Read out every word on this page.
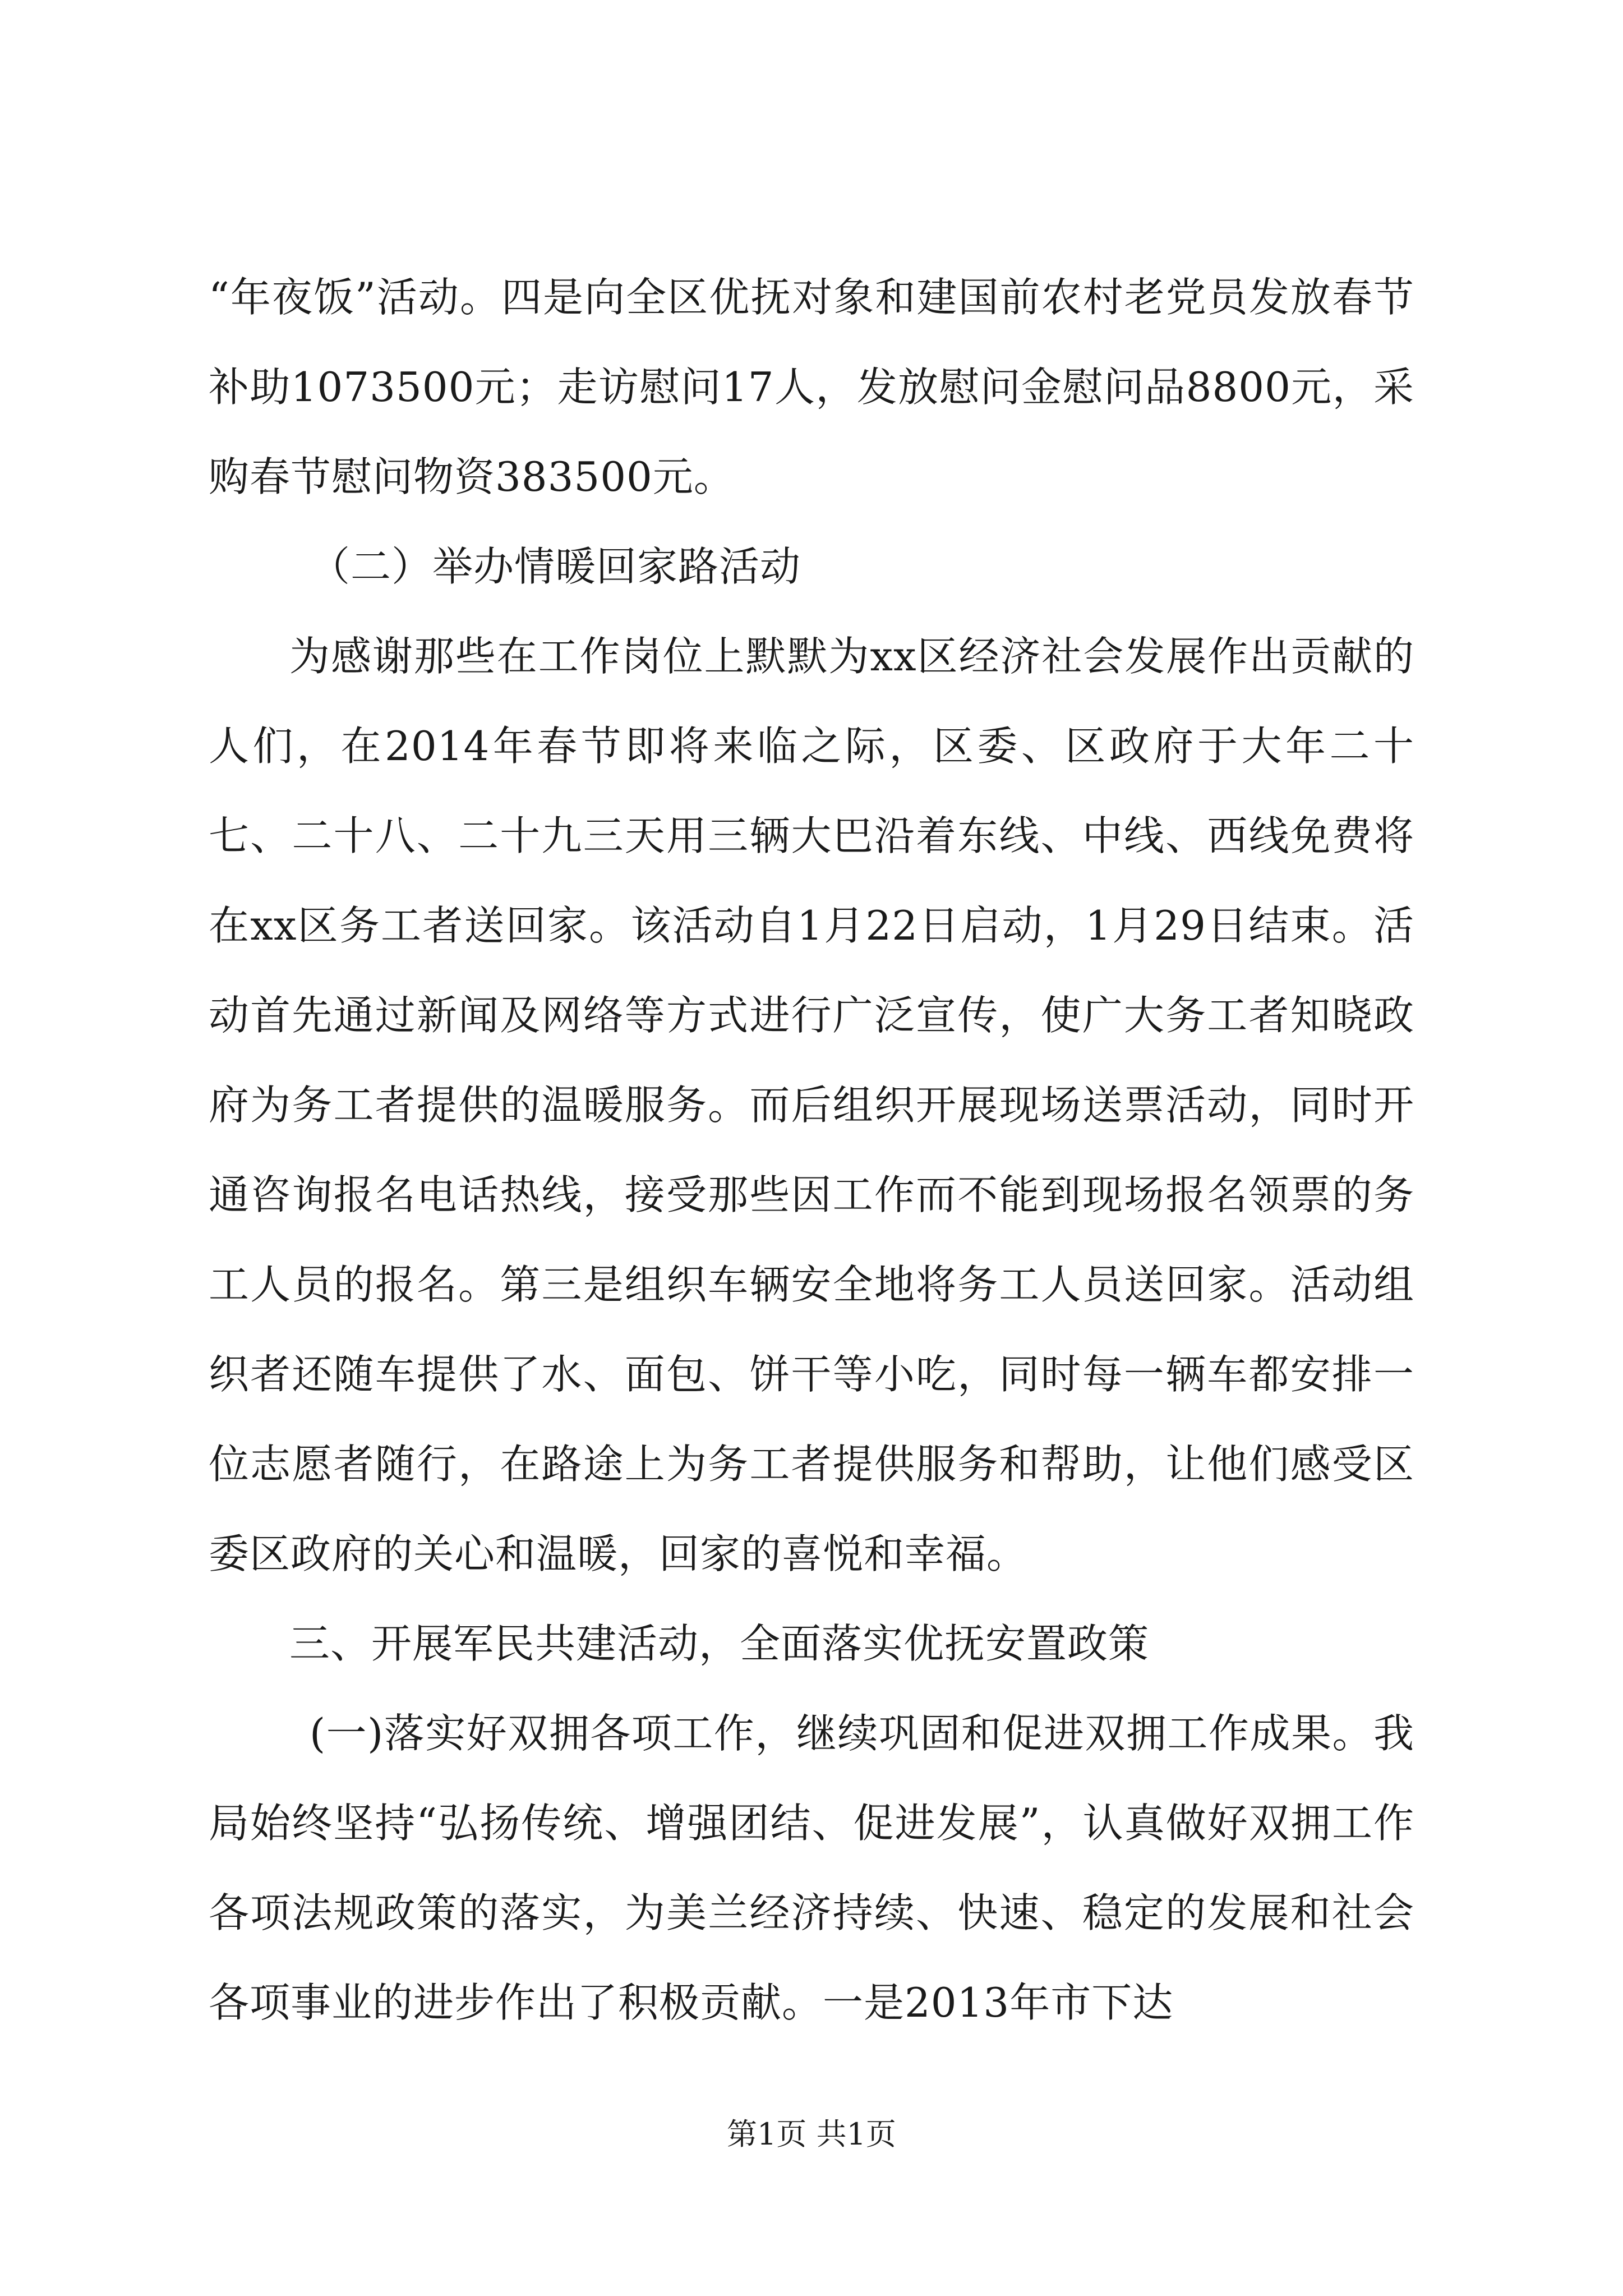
“年夜饭”活动。四是向全区优抚对象和建国前农村老党员发放春节补助1073500元；走访慰问17人，发放慰问金慰问品8800元，采购春节慰问物资383500元。

（二）举办情暖回家路活动

为感谢那些在工作岗位上默默为xx区经济社会发展作出贡献的人们，在2014年春节即将来临之际，区委、区政府于大年二十七、二十八、二十九三天用三辆大巴沿着东线、中线、西线免费将在xx区务工者送回家。该活动自1月22日启动，1月29日结束。活动首先通过新闻及网络等方式进行广泛宣传，使广大务工者知晓政府为务工者提供的温暖服务。而后组织开展现场送票活动，同时开通咨询报名电话热线，接受那些因工作而不能到现场报名领票的务工人员的报名。第三是组织车辆安全地将务工人员送回家。活动组织者还随车提供了水、面包、饼干等小吃，同时每一辆车都安排一位志愿者随行，在路途上为务工者提供服务和帮助，让他们感受区委区政府的关心和温暖，回家的喜悦和幸福。

三、开展军民共建活动，全面落实优抚安置政策

(一)落实好双拥各项工作，继续巩固和促进双拥工作成果。我局始终坚持“弘扬传统、增强团结、促进发展”，认真做好双拥工作各项法规政策的落实，为美兰经济持续、快速、稳定的发展和社会各项事业的进步作出了积极贡献。一是2013年市下达

第1页 共1页
